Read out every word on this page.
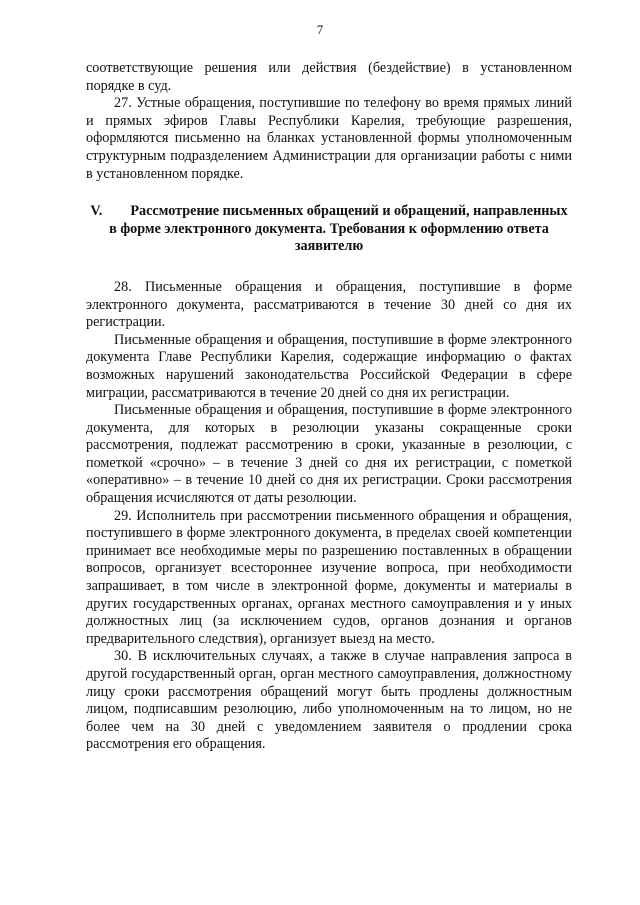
7

соответствующие решения или действия (бездействие) в установленном порядке в суд.

27. Устные обращения, поступившие по телефону во время прямых линий и прямых эфиров Главы Республики Карелия, требующие разрешения, оформляются письменно на бланках установленной формы уполномоченным структурным подразделением Администрации для организации работы с ними в установленном порядке.

V. Рассмотрение письменных обращений и обращений, направленных в форме электронного документа. Требования к оформлению ответа заявителю

28. Письменные обращения и обращения, поступившие в форме электронного документа, рассматриваются в течение 30 дней со дня их регистрации.

Письменные обращения и обращения, поступившие в форме электронного документа Главе Республики Карелия, содержащие информацию о фактах возможных нарушений законодательства Российской Федерации в сфере миграции, рассматриваются в течение 20 дней со дня их регистрации.

Письменные обращения и обращения, поступившие в форме электронного документа, для которых в резолюции указаны сокращенные сроки рассмотрения, подлежат рассмотрению в сроки, указанные в резолюции, с пометкой «срочно» – в течение 3 дней со дня их регистрации, с пометкой «оперативно» – в течение 10 дней со дня их регистрации. Сроки рассмотрения обращения исчисляются от даты резолюции.

29. Исполнитель при рассмотрении письменного обращения и обращения, поступившего в форме электронного документа, в пределах своей компетенции принимает все необходимые меры по разрешению поставленных в обращении вопросов, организует всестороннее изучение вопроса, при необходимости запрашивает, в том числе в электронной форме, документы и материалы в других государственных органах, органах местного самоуправления и у иных должностных лиц (за исключением судов, органов дознания и органов предварительного следствия), организует выезд на место.

30. В исключительных случаях, а также в случае направления запроса в другой государственный орган, орган местного самоуправления, должностному лицу сроки рассмотрения обращений могут быть продлены должностным лицом, подписавшим резолюцию, либо уполномоченным на то лицом, но не более чем на 30 дней с уведомлением заявителя о продлении срока рассмотрения его обращения.
